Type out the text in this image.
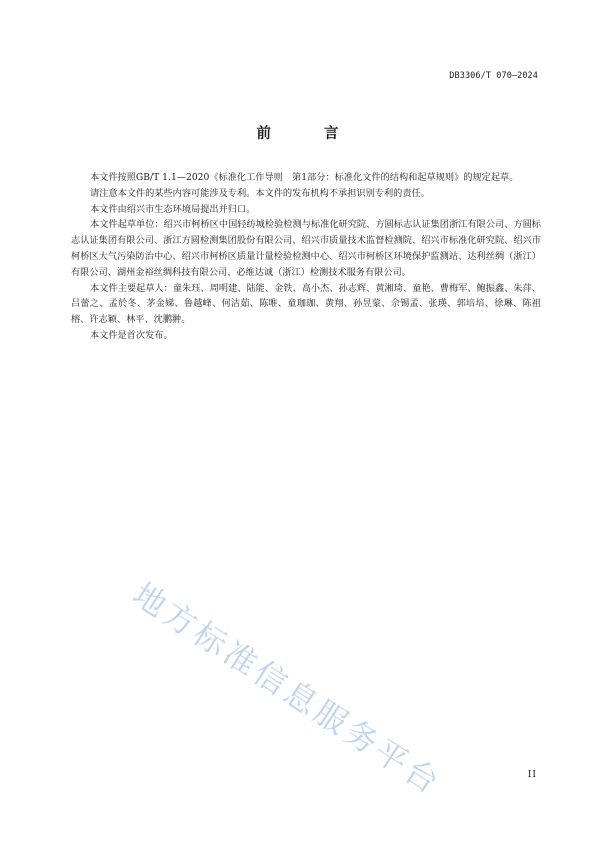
DB3306/T 070—2024
前 言

本文件按照GB/T 1.1—2020《标准化工作导则　第1部分：标准化文件的结构和起草规则》的规定起草。

请注意本文件的某些内容可能涉及专利。本文件的发布机构不承担识别专利的责任。

本文件由绍兴市生态环境局提出并归口。

本文件起草单位：绍兴市柯桥区中国轻纺城检验检测与标准化研究院、方圆标志认证集团浙江有限公司、方圆标志认证集团有限公司、浙江方圆检测集团股份有限公司、绍兴市质量技术监督检测院、绍兴市标准化研究院、绍兴市柯桥区大气污染防治中心、绍兴市柯桥区质量计量检验检测中心、绍兴市柯桥区环境保护监测站、达利丝绸（浙江）有限公司、湖州金裕丝绸科技有限公司、必维达诚（浙江）检测技术服务有限公司。

本文件主要起草人：童朱珏、周明建、陆能、金铁、高小杰、孙志辉、黄湘琦、童艳、曹梅军、鲍振鑫、朱萍、吕蕾之、孟於冬、茅金娣、鲁越峰、何洁茹、陈唯、童珈珈、黄翔、孙昱蒙、佘锡孟、张瑛、郭培培、徐琳、陈祖榕、许志颖、林平、沈鹏翀。

本文件是首次发布。

地方标准信息服务平台	II
